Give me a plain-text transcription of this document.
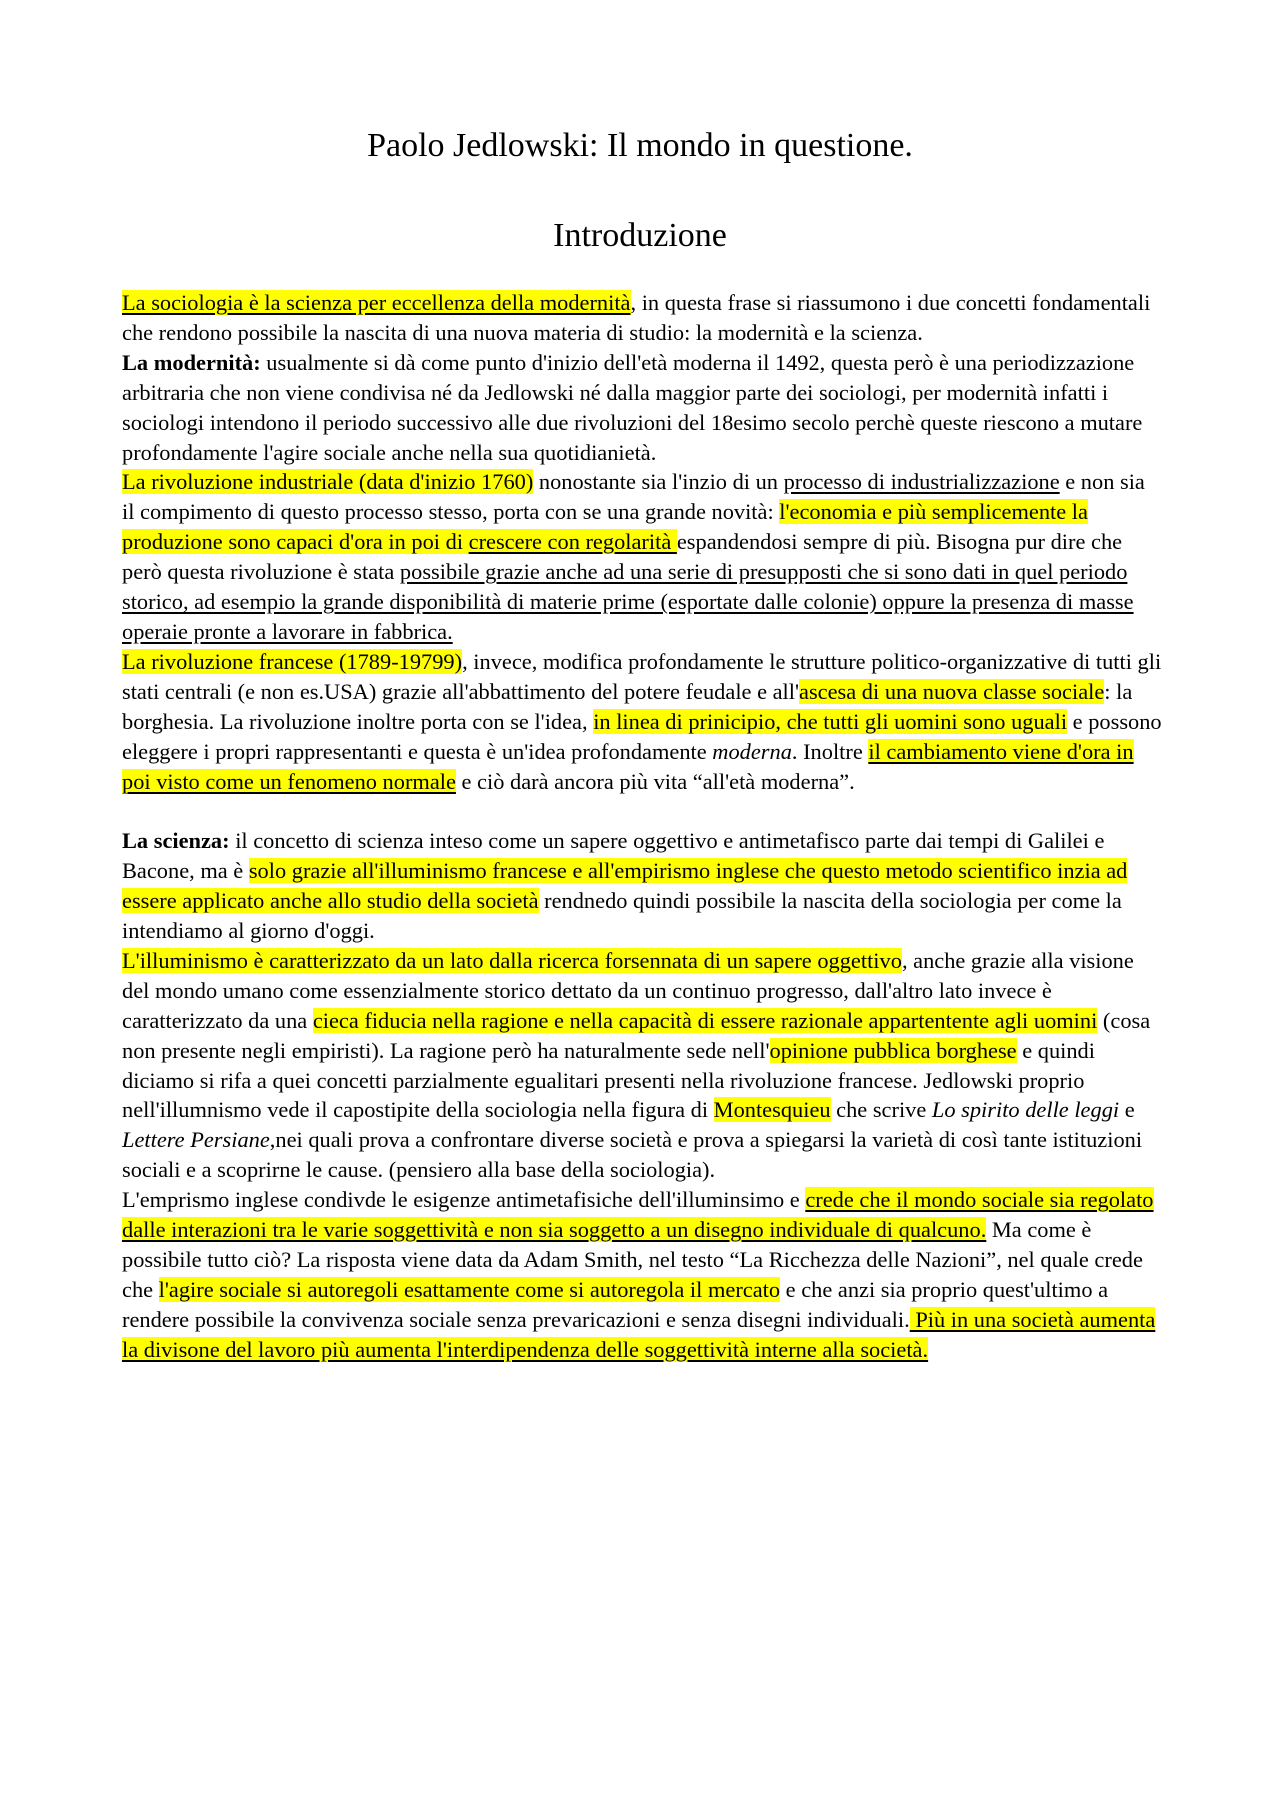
Paolo Jedlowski: Il mondo in questione.
Introduzione

La sociologia è la scienza per eccellenza della modernità, in questa frase si riassumono i due concetti fondamentali che rendono possibile la nascita di una nuova materia di studio: la modernità e la scienza.

La modernità: usualmente si dà come punto d'inizio dell'età moderna il 1492, questa però è una periodizzazione arbitraria che non viene condivisa né da Jedlowski né dalla maggior parte dei sociologi, per modernità infatti i sociologi intendono il periodo successivo alle due rivoluzioni del 18esimo secolo perchè queste riescono a mutare profondamente l'agire sociale anche nella sua quotidianietà.

La rivoluzione industriale (data d'inizio 1760) nonostante sia l'inzio di un processo di industrializzazione e non sia il compimento di questo processo stesso, porta con se una grande novità: l'economia e più semplicemente la produzione sono capaci d'ora in poi di crescere con regolarità espandendosi sempre di più. Bisogna pur dire che però questa rivoluzione è stata possibile grazie anche ad una serie di presupposti che si sono dati in quel periodo storico, ad esempio la grande disponibilità di materie prime (esportate dalle colonie) oppure la presenza di masse operaie pronte a lavorare in fabbrica.

La rivoluzione francese (1789-19799), invece, modifica profondamente le strutture politico-organizzative di tutti gli stati centrali (e non es.USA) grazie all'abbattimento del potere feudale e all'ascesa di una nuova classe sociale: la borghesia. La rivoluzione inoltre porta con se l'idea, in linea di prinicipio, che tutti gli uomini sono uguali e possono eleggere i propri rappresentanti e questa è un'idea profondamente moderna. Inoltre il cambiamento viene d'ora in poi visto come un fenomeno normale e ciò darà ancora più vita “all'età moderna”.

La scienza: il concetto di scienza inteso come un sapere oggettivo e antimetafisco parte dai tempi di Galilei e Bacone, ma è solo grazie all'illuminismo francese e all'empirismo inglese che questo metodo scientifico inzia ad essere applicato anche allo studio della società rendnedo quindi possibile la nascita della sociologia per come la intendiamo al giorno d'oggi.

L'illuminismo è caratterizzato da un lato dalla ricerca forsennata di un sapere oggettivo, anche grazie alla visione del mondo umano come essenzialmente storico dettato da un continuo progresso, dall'altro lato invece è caratterizzato da una cieca fiducia nella ragione e nella capacità di essere razionale appartentente agli uomini (cosa non presente negli empiristi). La ragione però ha naturalmente sede nell'opinione pubblica borghese e quindi diciamo si rifa a quei concetti parzialmente egualitari presenti nella rivoluzione francese. Jedlowski proprio nell'illumnismo vede il capostipite della sociologia nella figura di Montesquieu che scrive Lo spirito delle leggi e Lettere Persiane,nei quali prova a confrontare diverse società e prova a spiegarsi la varietà di così tante istituzioni sociali e a scoprirne le cause. (pensiero alla base della sociologia).

L'emprismo inglese condivde le esigenze antimetafisiche dell'illuminsimo e crede che il mondo sociale sia regolato dalle interazioni tra le varie soggettività e non sia soggetto a un disegno individuale di qualcuno. Ma come è possibile tutto ciò? La risposta viene data da Adam Smith, nel testo “La Ricchezza delle Nazioni”, nel quale crede che l'agire sociale si autoregoli esattamente come si autoregola il mercato e che anzi sia proprio quest'ultimo a rendere possibile la convivenza sociale senza prevaricazioni e senza disegni individuali. Più in una società aumenta la divisone del lavoro più aumenta l'interdipendenza delle soggettività interne alla società.
